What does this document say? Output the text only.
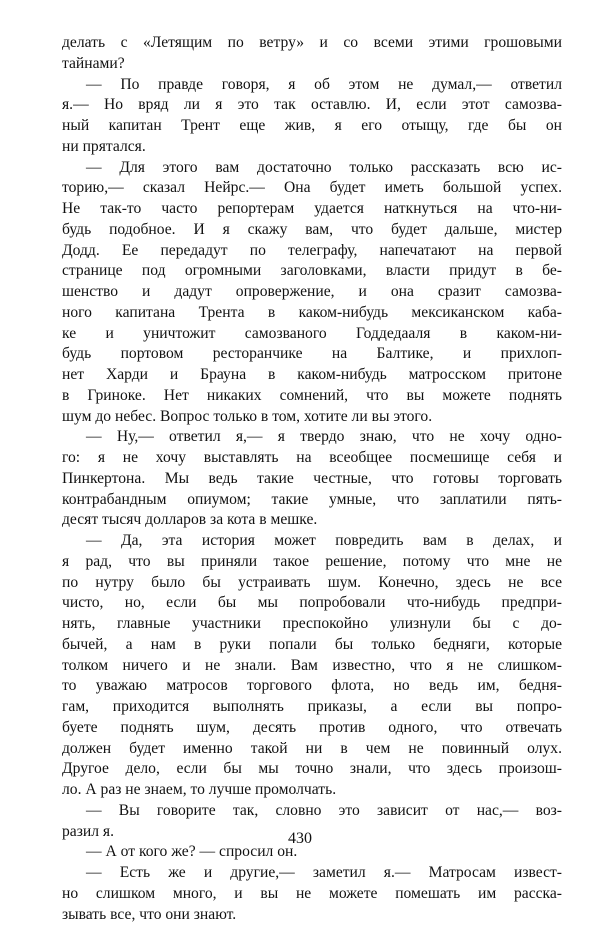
делать с «Летящим по ветру» и со всеми этими грошовыми
тайнами?
— По правде говоря, я об этом не думал,— ответил
я.— Но вряд ли я это так оставлю. И, если этот самозва-
ный капитан Трент еще жив, я его отыщу, где бы он
ни прятался.
— Для этого вам достаточно только рассказать всю ис-
торию,— сказал Нейрс.— Она будет иметь большой успех.
Не так-то часто репортерам удается наткнуться на что-ни-
будь подобное. И я скажу вам, что будет дальше, мистер
Додд. Ее передадут по телеграфу, напечатают на первой
странице под огромными заголовками, власти придут в бе-
шенство и дадут опровержение, и она сразит самозва-
ного капитана Трента в каком-нибудь мексиканском каба-
ке и уничтожит самозваного Годдедааля в каком-ни-
будь портовом ресторанчике на Балтике, и прихлоп-
нет Харди и Брауна в каком-нибудь матросском притоне
в Гриноке. Нет никаких сомнений, что вы можете поднять
шум до небес. Вопрос только в том, хотите ли вы этого.
— Ну,— ответил я,— я твердо знаю, что не хочу одно-
го: я не хочу выставлять на всеобщее посмешище себя и
Пинкертона. Мы ведь такие честные, что готовы торговать
контрабандным опиумом; такие умные, что заплатили пять-
десят тысяч долларов за кота в мешке.
— Да, эта история может повредить вам в делах, и
я рад, что вы приняли такое решение, потому что мне не
по нутру было бы устраивать шум. Конечно, здесь не все
чисто, но, если бы мы попробовали что-нибудь предпри-
нять, главные участники преспокойно улизнули бы с до-
бычей, а нам в руки попали бы только бедняги, которые
толком ничего и не знали. Вам известно, что я не слишком-
то уважаю матросов торгового флота, но ведь им, бедня-
гам, приходится выполнять приказы, а если вы попро-
буете поднять шум, десять против одного, что отвечать
должен будет именно такой ни в чем не повинный олух.
Другое дело, если бы мы точно знали, что здесь произош-
ло. А раз не знаем, то лучше промолчать.
— Вы говорите так, словно это зависит от нас,— воз-
разил я.
— А от кого же? — спросил он.
— Есть же и другие,— заметил я.— Матросам извест-
но слишком много, и вы не можете помешать им расска-
зывать все, что они знают.
430
